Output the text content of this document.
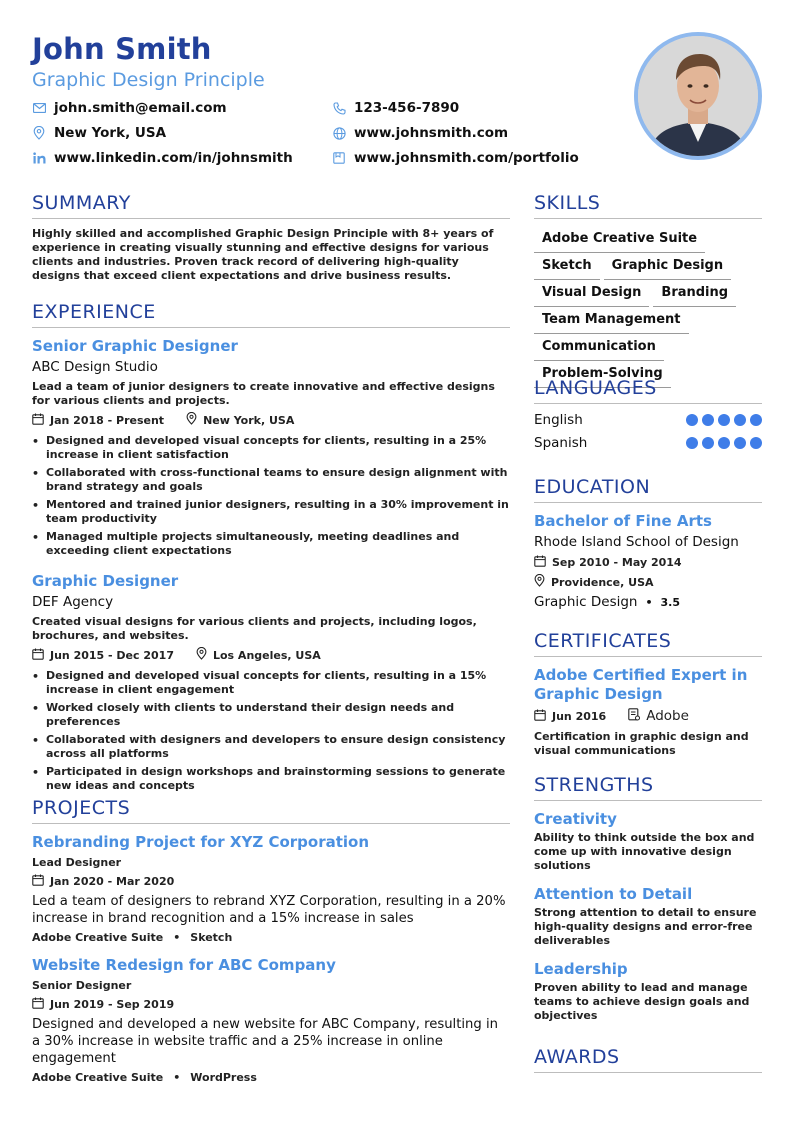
John Smith
Graphic Design Principle
john.smith@email.com	123-456-7890
New York, USA	www.johnsmith.com
www.linkedin.com/in/johnsmith	www.johnsmith.com/portfolio
SUMMARY
Highly skilled and accomplished Graphic Design Principle with 8+ years of experience in creating visually stunning and effective designs for various clients and industries. Proven track record of delivering high-quality designs that exceed client expectations and drive business results.
EXPERIENCE
Senior Graphic Designer
ABC Design Studio
Lead a team of junior designers to create innovative and effective designs for various clients and projects.
Jan 2018 - Present	New York, USA
• Designed and developed visual concepts for clients, resulting in a 25% increase in client satisfaction
• Collaborated with cross-functional teams to ensure design alignment with brand strategy and goals
• Mentored and trained junior designers, resulting in a 30% improvement in team productivity
• Managed multiple projects simultaneously, meeting deadlines and exceeding client expectations
Graphic Designer
DEF Agency
Created visual designs for various clients and projects, including logos, brochures, and websites.
Jun 2015 - Dec 2017	Los Angeles, USA
• Designed and developed visual concepts for clients, resulting in a 15% increase in client engagement
• Worked closely with clients to understand their design needs and preferences
• Collaborated with designers and developers to ensure design consistency across all platforms
• Participated in design workshops and brainstorming sessions to generate new ideas and concepts
PROJECTS
Rebranding Project for XYZ Corporation
Lead Designer
Jan 2020 - Mar 2020
Led a team of designers to rebrand XYZ Corporation, resulting in a 20% increase in brand recognition and a 15% increase in sales
Adobe Creative Suite • Sketch
Website Redesign for ABC Company
Senior Designer
Jun 2019 - Sep 2019
Designed and developed a new website for ABC Company, resulting in a 30% increase in website traffic and a 25% increase in online engagement
Adobe Creative Suite • WordPress
SKILLS
Adobe Creative Suite
Sketch Graphic Design
Visual Design Branding
Team Management
Communication
Problem-Solving
LANGUAGES
English
Spanish
EDUCATION
Bachelor of Fine Arts
Rhode Island School of Design
Sep 2010 - May 2014
Providence, USA
Graphic Design • 3.5
CERTIFICATES
Adobe Certified Expert in Graphic Design
Jun 2016	Adobe
Certification in graphic design and visual communications
STRENGTHS
Creativity
Ability to think outside the box and come up with innovative design solutions
Attention to Detail
Strong attention to detail to ensure high-quality designs and error-free deliverables
Leadership
Proven ability to lead and manage teams to achieve design goals and objectives
AWARDS
